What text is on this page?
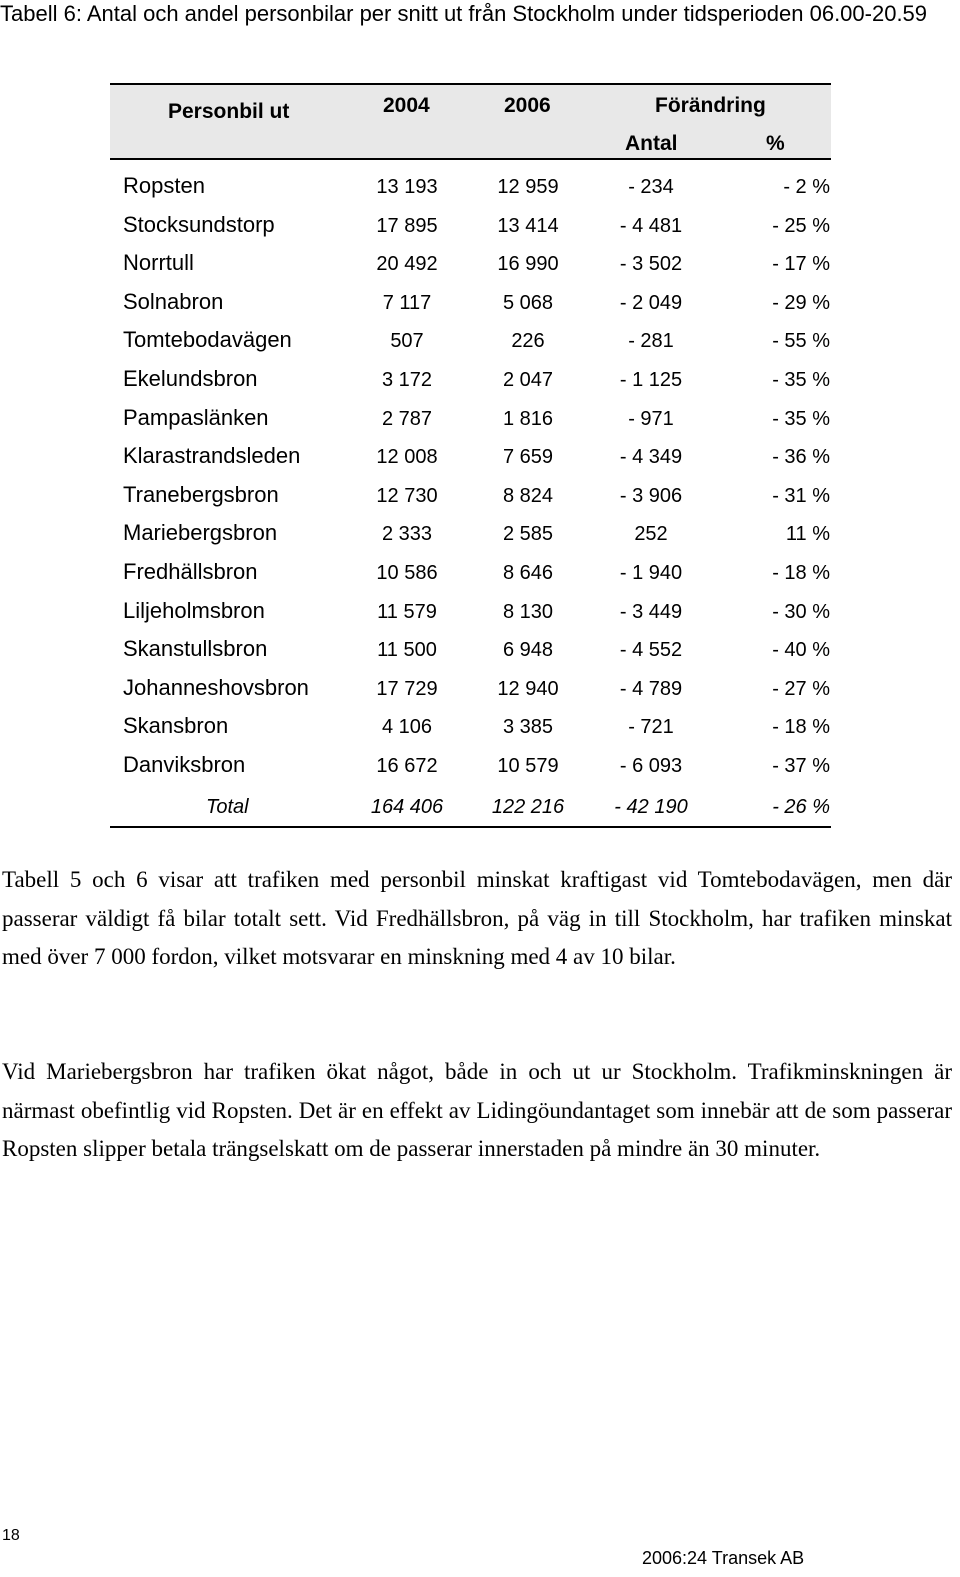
Tabell 6: Antal och andel personbilar per snitt ut från Stockholm under tidsperioden 06.00-20.59
Personbil ut	2004	2006	Förändring
Antal	%
Ropsten	13 193	12 959	- 234	- 2 %
Stocksundstorp	17 895	13 414	- 4 481	- 25 %
Norrtull	20 492	16 990	- 3 502	- 17 %
Solnabron	7 117	5 068	- 2 049	- 29 %
Tomtebodavägen	507	226	- 281	- 55 %
Ekelundsbron	3 172	2 047	- 1 125	- 35 %
Pampaslänken	2 787	1 816	- 971	- 35 %
Klarastrandsleden	12 008	7 659	- 4 349	- 36 %
Tranebergsbron	12 730	8 824	- 3 906	- 31 %
Mariebergsbron	2 333	2 585	252	11 %
Fredhällsbron	10 586	8 646	- 1 940	- 18 %
Liljeholmsbron	11 579	8 130	- 3 449	- 30 %
Skanstullsbron	11 500	6 948	- 4 552	- 40 %
Johanneshovsbron	17 729	12 940	- 4 789	- 27 %
Skansbron	4 106	3 385	- 721	- 18 %
Danviksbron	16 672	10 579	- 6 093	- 37 %
Total	164 406	122 216	- 42 190	- 26 %
Tabell 5 och 6 visar att trafiken med personbil minskat kraftigast vid Tomtebodavägen, men där passerar väldigt få bilar totalt sett. Vid Fredhällsbron, på väg in till Stockholm, har trafiken minskat med över 7 000 fordon, vilket motsvarar en minskning med 4 av 10 bilar.
Vid Mariebergsbron har trafiken ökat något, både in och ut ur Stockholm. Trafikminskningen är närmast obefintlig vid Ropsten. Det är en effekt av Lidingöundantaget som innebär att de som passerar Ropsten slipper betala trängselskatt om de passerar innerstaden på mindre än 30 minuter.
18
2006:24 Transek AB
